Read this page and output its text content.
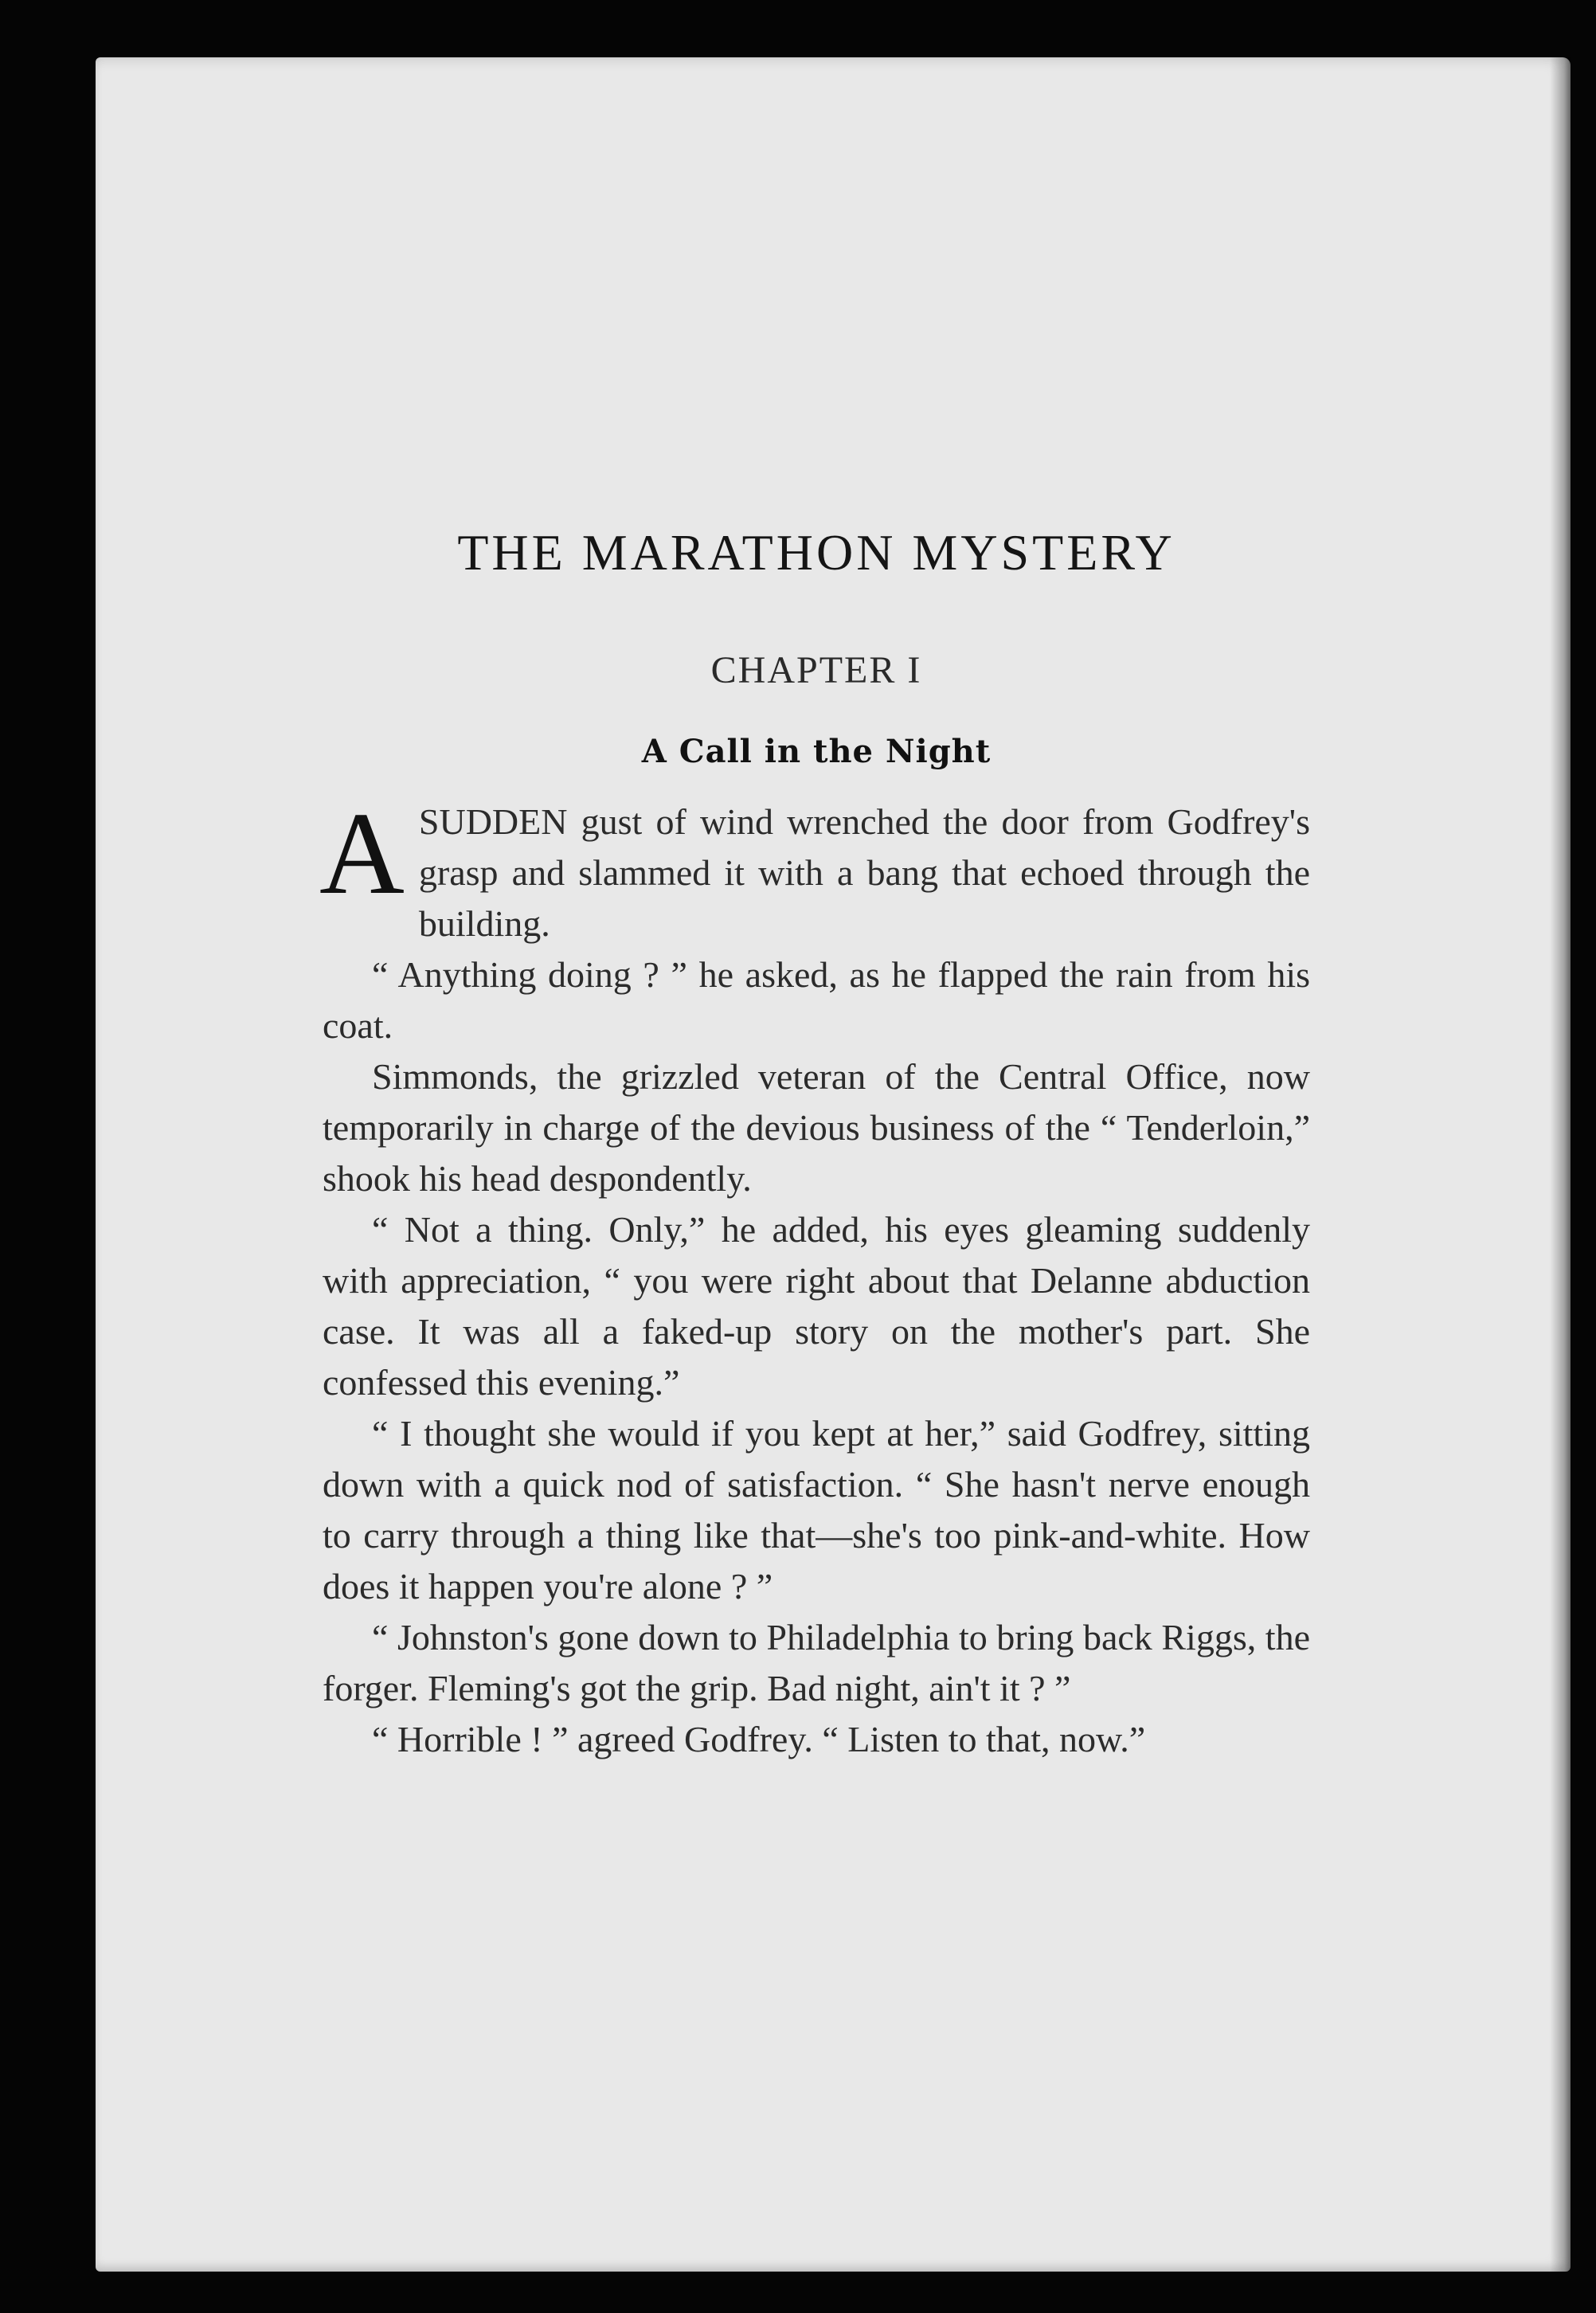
THE MARATHON MYSTERY
CHAPTER I
A Call in the Night

ASUDDEN gust of wind wrenched the door from Godfrey's grasp and slammed it with a bang that echoed through the building.

“ Anything doing ? ” he asked, as he flapped the rain from his coat.

Simmonds, the grizzled veteran of the Central Office, now temporarily in charge of the devious business of the “ Tenderloin,” shook his head despondently.

“ Not a thing. Only,” he added, his eyes gleaming suddenly with appreciation, “ you were right about that Delanne abduction case. It was all a faked-up story on the mother's part. She confessed this evening.”

“ I thought she would if you kept at her,” said Godfrey, sitting down with a quick nod of satisfaction. “ She hasn't nerve enough to carry through a thing like that—she's too pink-and-white. How does it happen you're alone ? ”

“ Johnston's gone down to Philadelphia to bring back Riggs, the forger. Fleming's got the grip. Bad night, ain't it ? ”

“ Horrible ! ” agreed Godfrey. “ Listen to that, now.”
